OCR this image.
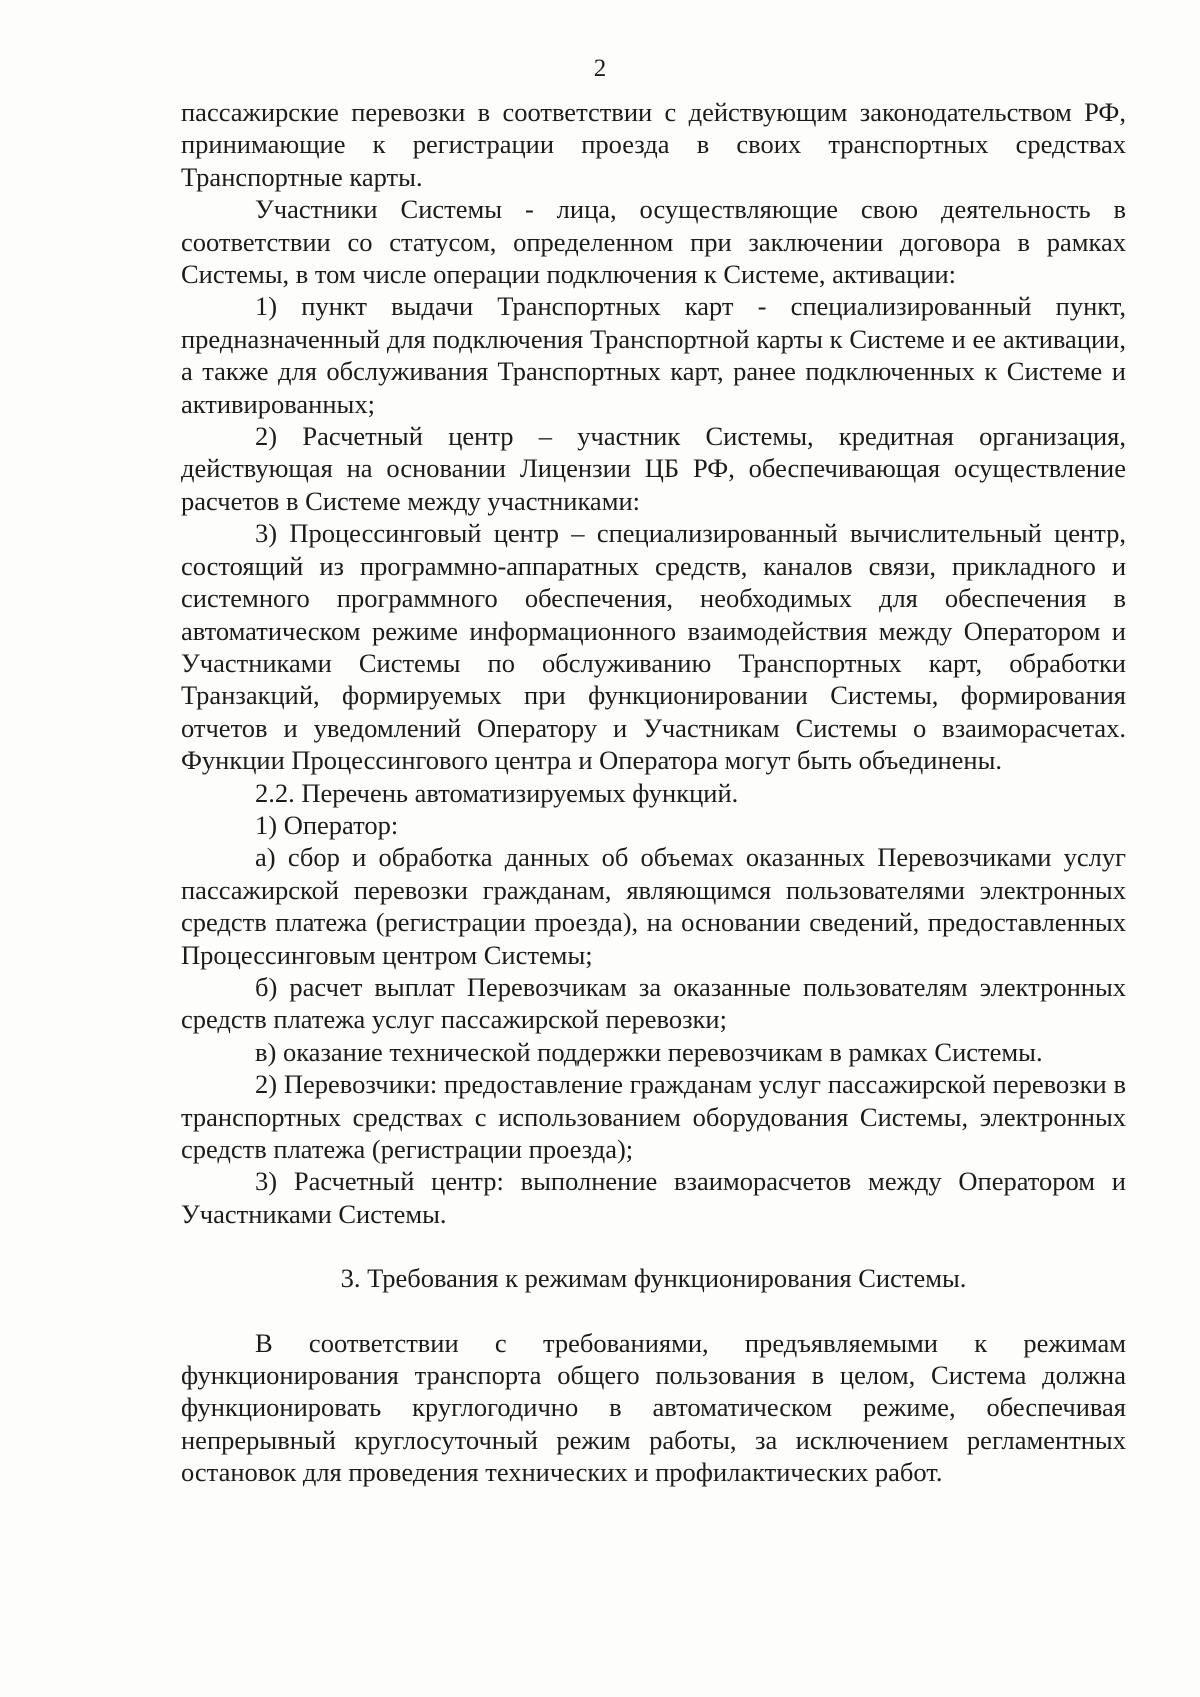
2

пассажирские перевозки в соответствии с действующим законодательством РФ, принимающие к регистрации проезда в своих транспортных средствах Транспортные карты.

Участники Системы - лица, осуществляющие свою деятельность в соответствии со статусом, определенном при заключении договора в рамках Системы, в том числе операции подключения к Системе, активации:

1) пункт выдачи Транспортных карт - специализированный пункт, предназначенный для подключения Транспортной карты к Системе и ее активации, а также для обслуживания Транспортных карт, ранее подключенных к Системе и активированных;

2) Расчетный центр – участник Системы, кредитная организация, действующая на основании Лицензии ЦБ РФ, обеспечивающая осуществление расчетов в Системе между участниками:

3) Процессинговый центр – специализированный вычислительный центр, состоящий из программно-аппаратных средств, каналов связи, прикладного и системного программного обеспечения, необходимых для обеспечения в автоматическом режиме информационного взаимодействия между Оператором и Участниками Системы по обслуживанию Транспортных карт, обработки Транзакций, формируемых при функционировании Системы, формирования отчетов и уведомлений Оператору и Участникам Системы о взаиморасчетах. Функции Процессингового центра и Оператора могут быть объединены.

2.2. Перечень автоматизируемых функций.

1) Оператор:

а) сбор и обработка данных об объемах оказанных Перевозчиками услуг пассажирской перевозки гражданам, являющимся пользователями электронных средств платежа (регистрации проезда), на основании сведений, предоставленных Процессинговым центром Системы;

б) расчет выплат Перевозчикам за оказанные пользователям электронных средств платежа услуг пассажирской перевозки;

в) оказание технической поддержки перевозчикам в рамках Системы.

2) Перевозчики: предоставление гражданам услуг пассажирской перевозки в транспортных средствах с использованием оборудования Системы, электронных средств платежа (регистрации проезда);

3) Расчетный центр: выполнение взаиморасчетов между Оператором и Участниками Системы.

3. Требования к режимам функционирования Системы.

В соответствии с требованиями, предъявляемыми к режимам функционирования транспорта общего пользования в целом, Система должна функционировать круглогодично в автоматическом режиме, обеспечивая непрерывный круглосуточный режим работы, за исключением регламентных остановок для проведения технических и профилактических работ.
